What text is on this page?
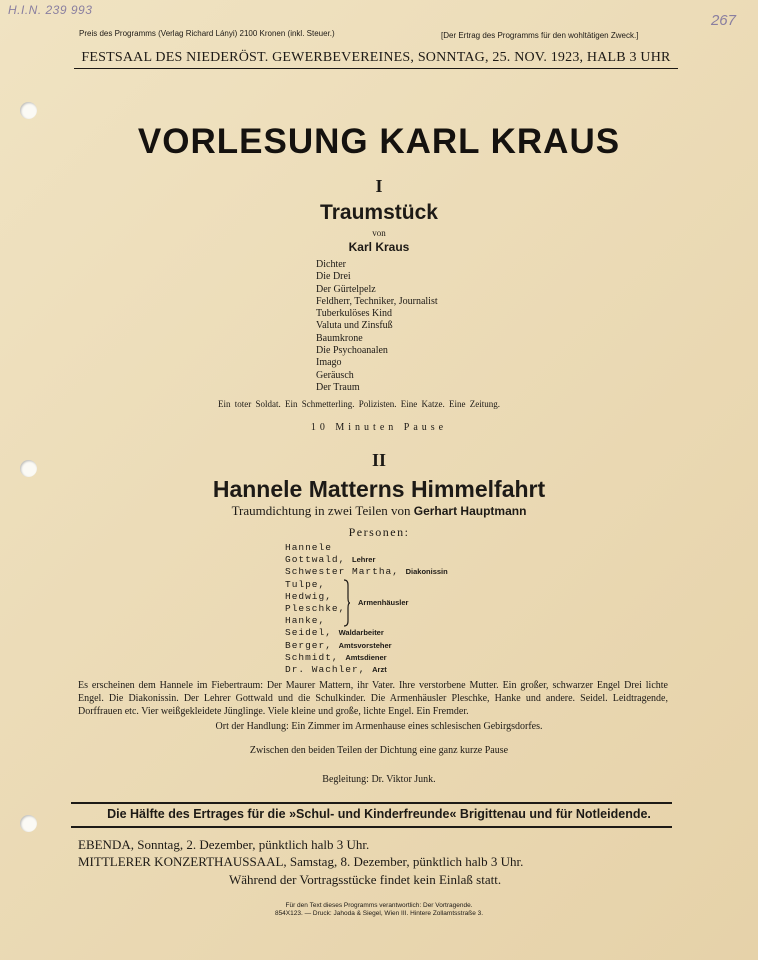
H.I.N. 239 993
267
Preis des Programms (Verlag Richard Lányi) 2100 Kronen (inkl. Steuer.)	[Der Ertrag des Programms für den wohltätigen Zweck.]
FESTSAAL DES NIEDERÖST. GEWERBEVEREINES, SONNTAG, 25. NOV. 1923, HALB 3 UHR
VORLESUNG KARL KRAUS
I
Traumstück
von
Karl Kraus
Dichter
Die Drei
Der Gürtelpelz
Feldherr, Techniker, Journalist
Tuberkulöses Kind
Valuta und Zinsfuß
Baumkrone
Die Psychoanalen
Imago
Geräusch
Der Traum
Ein toter Soldat. Ein Schmetterling. Polizisten. Eine Katze. Eine Zeitung.
10 Minuten Pause
II
Hannele Matterns Himmelfahrt
Traumdichtung in zwei Teilen von Gerhart Hauptmann
Personen:
Hannele
Gottwald, Lehrer
Schwester Martha, Diakonissin
Tulpe,
Hedwig,
Pleschke,
Hanke,
Seidel, Waldarbeiter
Berger, Amtsvorsteher
Schmidt, Amtsdiener
Dr. Wachler, Arzt
Armenhäusler
Es erscheinen dem Hannele im Fiebertraum: Der Maurer Mattern, ihr Vater. Ihre verstorbene Mutter. Ein großer, schwarzer Engel Drei lichte Engel. Die Diakonissin. Der Lehrer Gottwald und die Schulkinder. Die Armenhäusler Pleschke, Hanke und andere. Seidel. Leidtragende, Dorffrauen etc. Vier weißgekleidete Jünglinge. Viele kleine und große, lichte Engel. Ein Fremder.
Ort der Handlung: Ein Zimmer im Armenhause eines schlesischen Gebirgsdorfes.
Zwischen den beiden Teilen der Dichtung eine ganz kurze Pause
Begleitung: Dr. Viktor Junk.
Die Hälfte des Ertrages für die »Schul- und Kinderfreunde« Brigittenau und für Notleidende.
EBENDA, Sonntag, 2. Dezember, pünktlich halb 3 Uhr.
MITTLERER KONZERTHAUSSAAL, Samstag, 8. Dezember, pünktlich halb 3 Uhr.
Während der Vortragsstücke findet kein Einlaß statt.
Für den Text dieses Programms verantwortlich: Der Vortragende.
854X123. — Druck: Jahoda & Siegel, Wien III. Hintere Zollamtsstraße 3.
